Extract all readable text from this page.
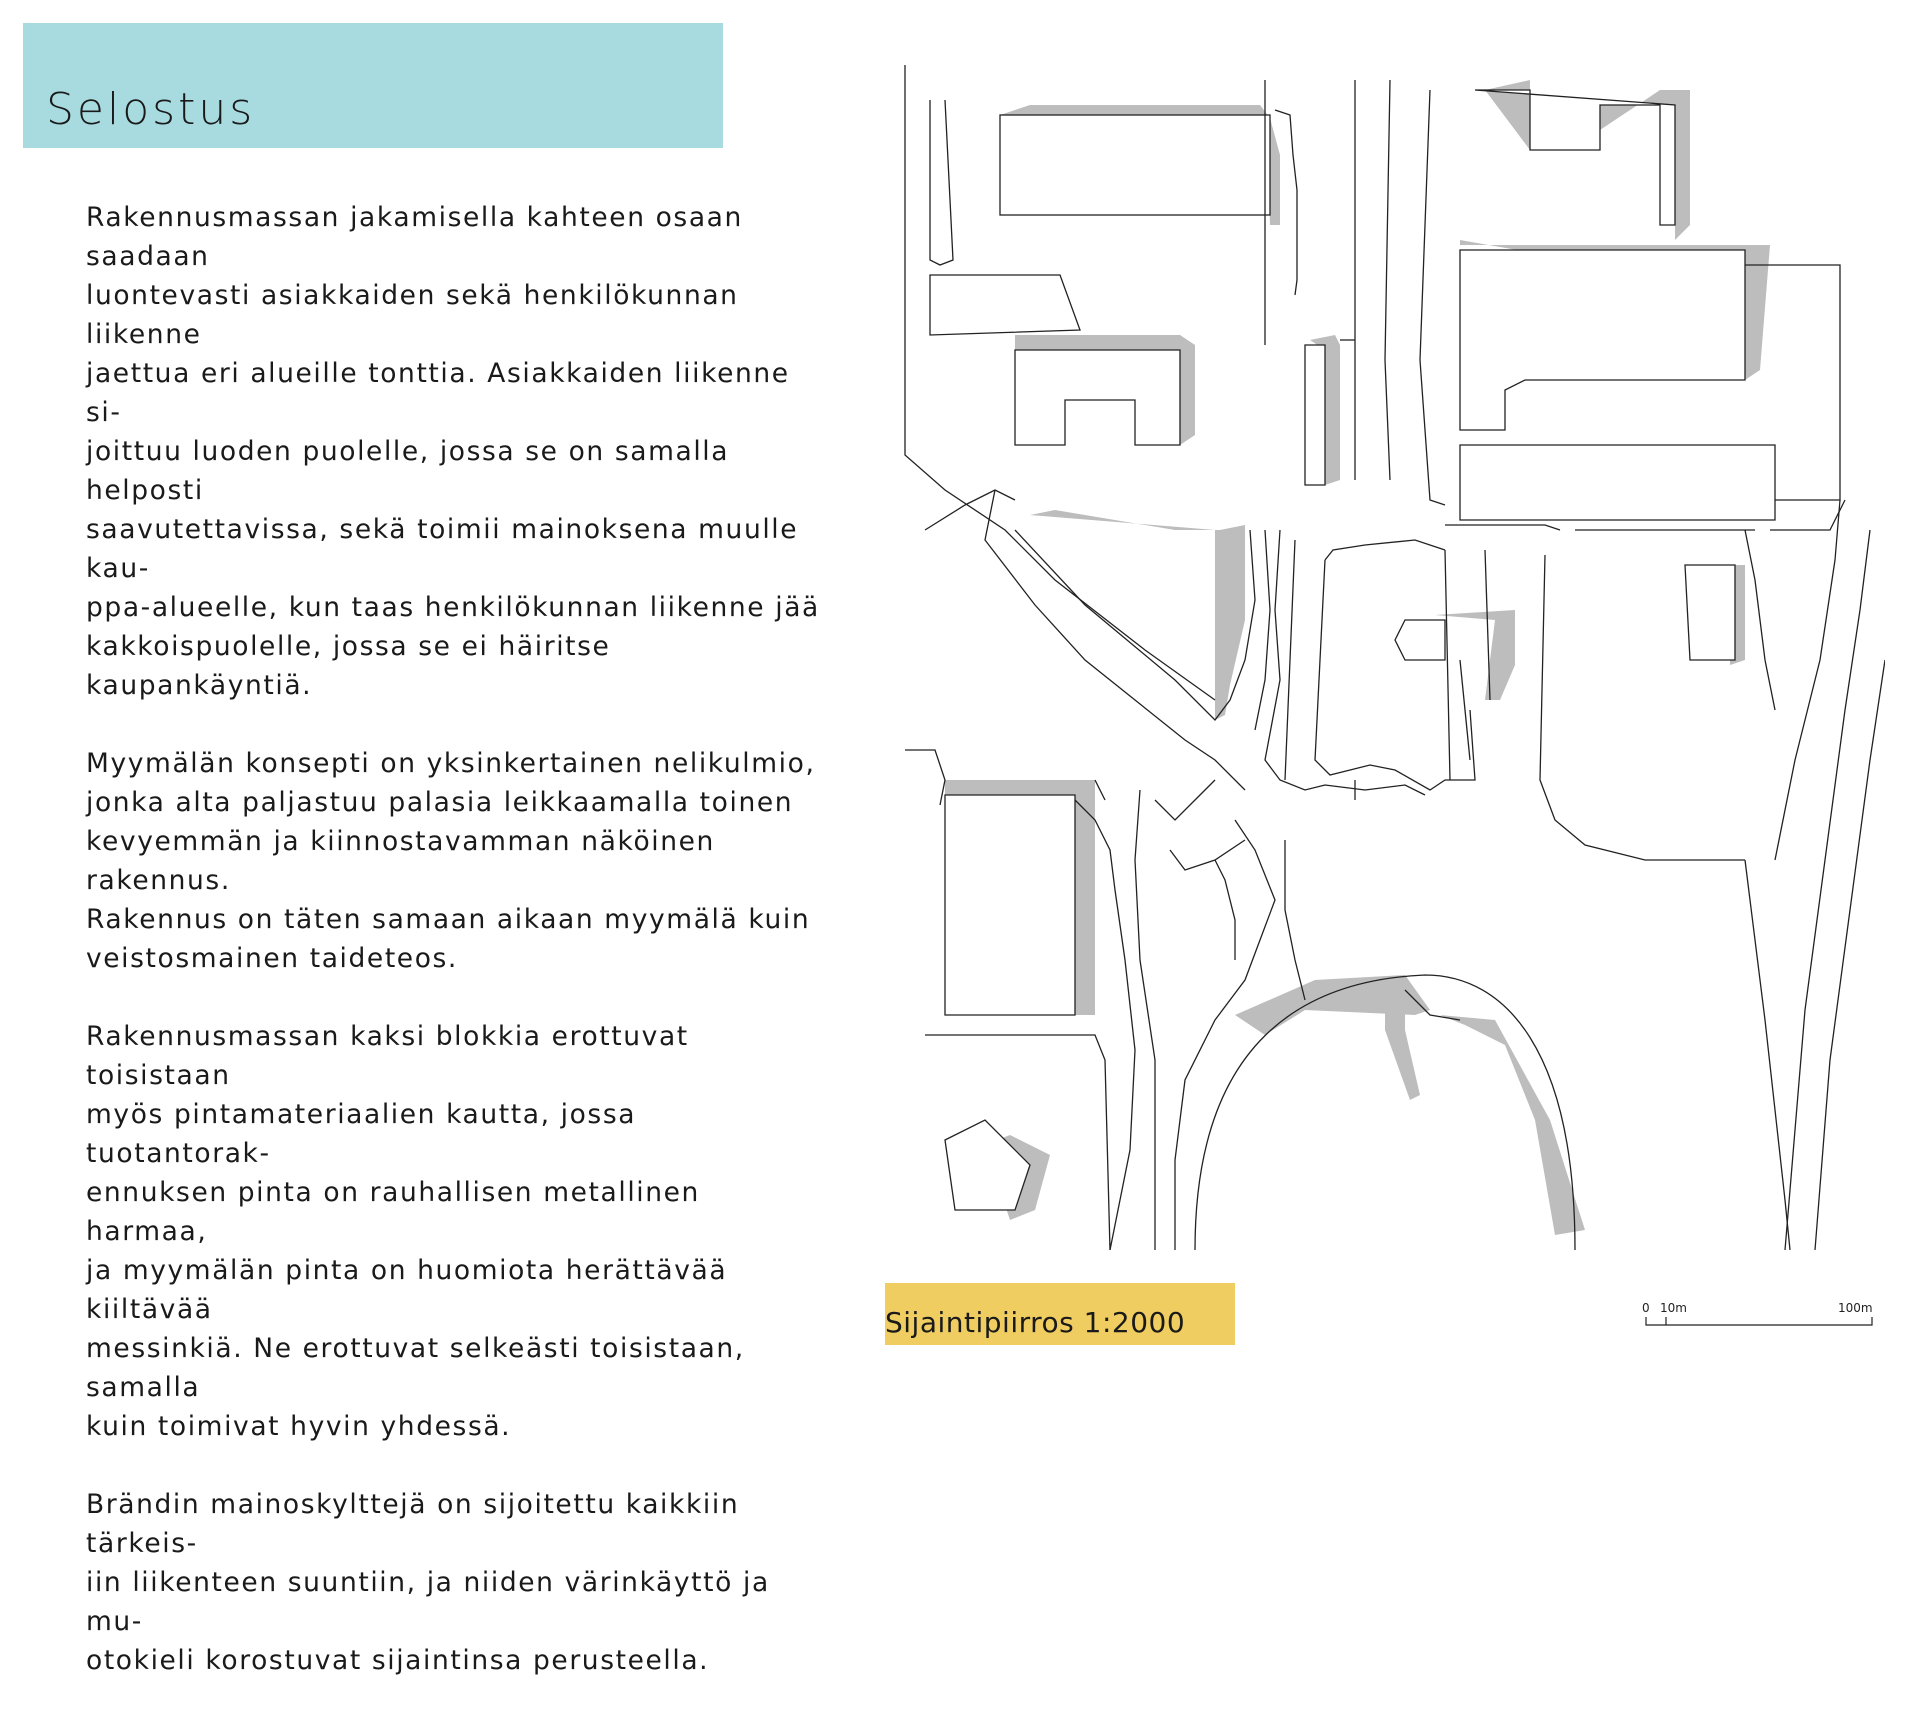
Selostus

Rakennusmassan jakamisella kahteen osaan saadaan
luontevasti asiakkaiden sekä henkilökunnan liikenne
jaettua eri alueille tonttia. Asiakkaiden liikenne si-
joittuu luoden puolelle, jossa se on samalla helposti
saavutettavissa, sekä toimii mainoksena muulle kau-
ppa-alueelle, kun taas henkilökunnan liikenne jää
kakkoispuolelle, jossa se ei häiritse kaupankäyntiä.

Myymälän konsepti on yksinkertainen nelikulmio,
jonka alta paljastuu palasia leikkaamalla toinen
kevyemmän ja kiinnostavamman näköinen rakennus.
Rakennus on täten samaan aikaan myymälä kuin
veistosmainen taideteos.

Rakennusmassan kaksi blokkia erottuvat toisistaan
myös pintamateriaalien kautta, jossa tuotantorak-
ennuksen pinta on rauhallisen metallinen harmaa,
ja myymälän pinta on huomiota herättävää kiiltävää
messinkiä. Ne erottuvat selkeästi toisistaan, samalla
kuin toimivat hyvin yhdessä.

Brändin mainoskylttejä on sijoitettu kaikkiin tärkeis-
iin liikenteen suuntiin, ja niiden värinkäyttö ja mu-
otokieli korostuvat sijaintinsa perusteella.

Sijaintipiirros 1:2000	0 10m	100m
